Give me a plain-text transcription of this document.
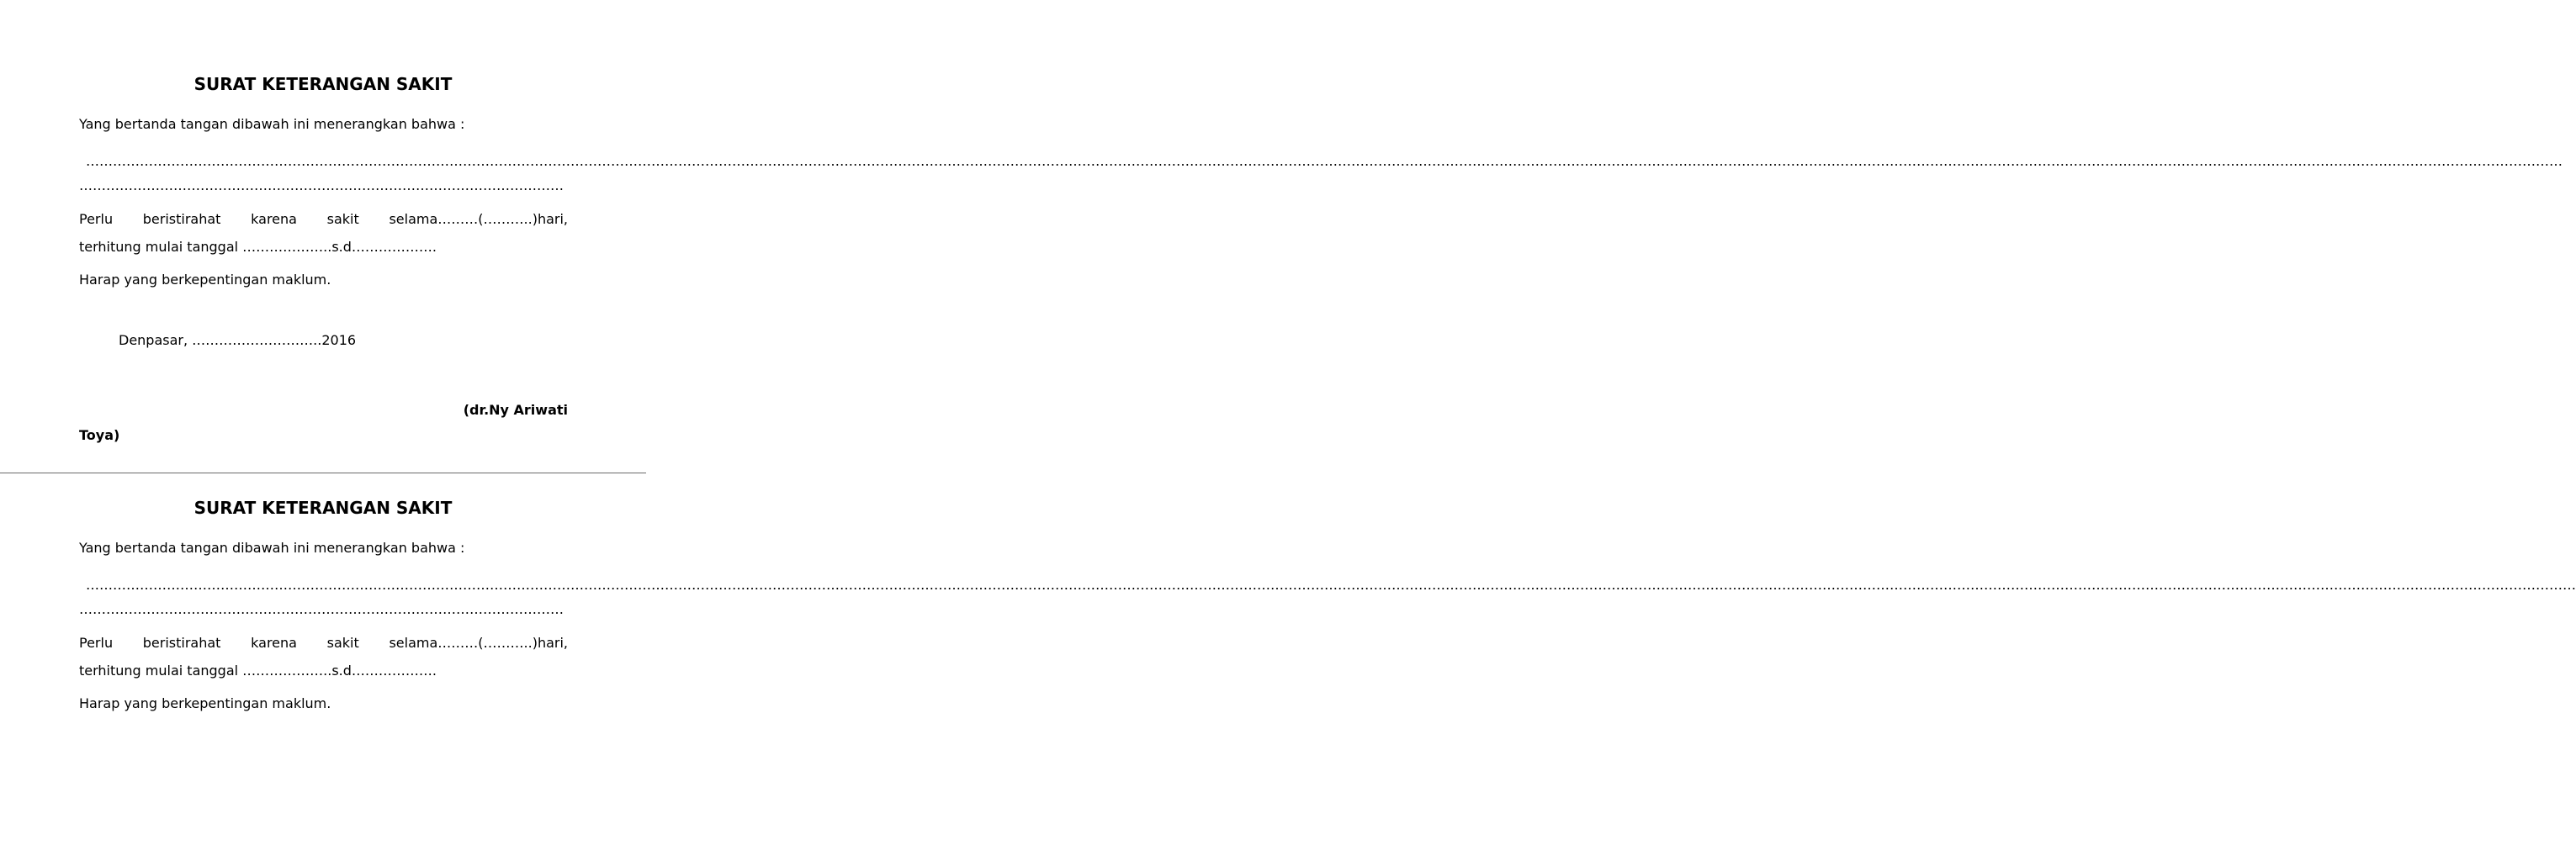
SURAT KETERANGAN SAKIT

Yang bertanda tangan dibawah ini menerangkan bahwa :

…………………………………………………………………………………………………………………………………………………………………………………………………………………………………………………………………………………………………………………………………………………………………………………………………………………………………………………………………………………………………………

………………………………………………………………………………………………

Perlu beristirahat karena sakit selama………(………..)hari,

terhitung mulai tanggal ………………..s.d……………….

Harap yang berkepentingan maklum.

Denpasar, ………………………..2016

(dr.Ny Ariwati

Toya)

SURAT KETERANGAN SAKIT

Yang bertanda tangan dibawah ini menerangkan bahwa :

……………………………………………………………………………………………………………………………………………………………………………………………………………………………………………………………………………………………………………………………………………………………………………………………………………………………………………………………………………………………………………

………………………………………………………………………………………………

Perlu beristirahat karena sakit selama………(………..)hari,

terhitung mulai tanggal ………………..s.d……………….

Harap yang berkepentingan maklum.
